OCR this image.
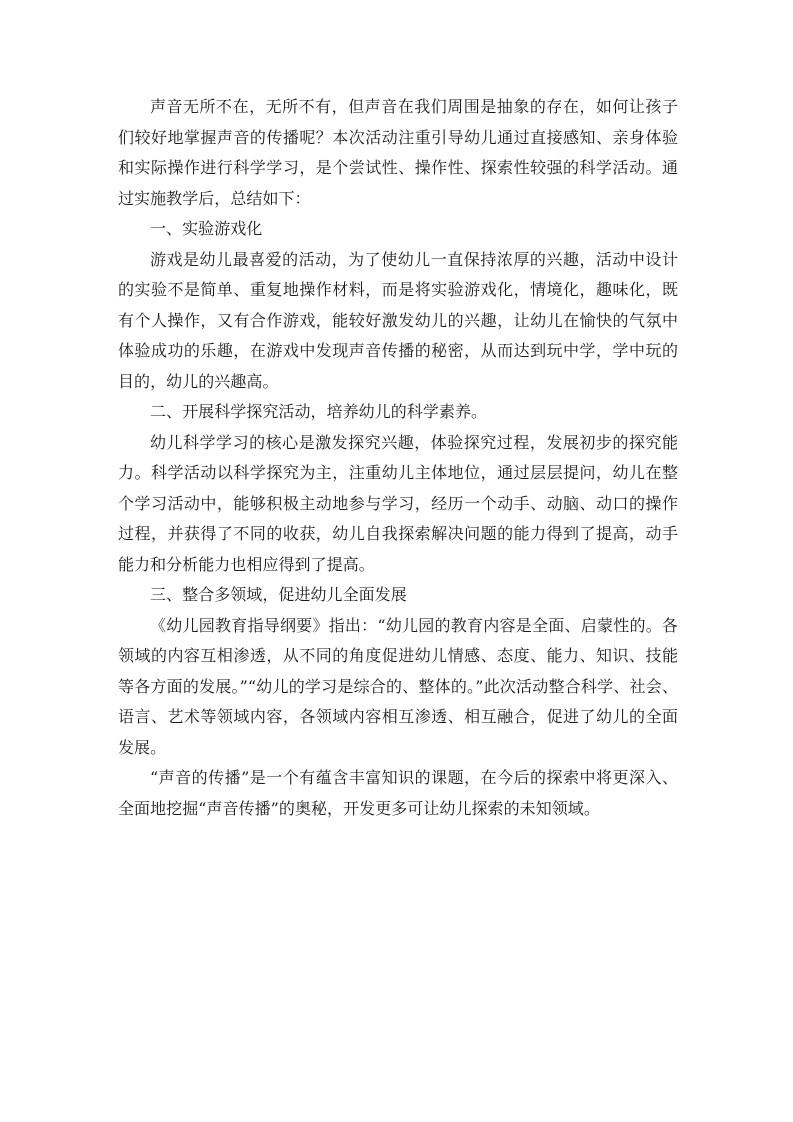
声音无所不在，无所不有，但声音在我们周围是抽象的存在，如何让孩子们较好地掌握声音的传播呢？本次活动注重引导幼儿通过直接感知、亲身体验和实际操作进行科学学习，是个尝试性、操作性、探索性较强的科学活动。通过实施教学后，总结如下：

一、实验游戏化

游戏是幼儿最喜爱的活动，为了使幼儿一直保持浓厚的兴趣，活动中设计的实验不是简单、重复地操作材料，而是将实验游戏化，情境化，趣味化，既有个人操作，又有合作游戏，能较好激发幼儿的兴趣，让幼儿在愉快的气氛中体验成功的乐趣，在游戏中发现声音传播的秘密，从而达到玩中学，学中玩的目的，幼儿的兴趣高。

二、开展科学探究活动，培养幼儿的科学素养。

幼儿科学学习的核心是激发探究兴趣，体验探究过程，发展初步的探究能力。科学活动以科学探究为主，注重幼儿主体地位，通过层层提问，幼儿在整个学习活动中，能够积极主动地参与学习，经历一个动手、动脑、动口的操作过程，并获得了不同的收获，幼儿自我探索解决问题的能力得到了提高，动手能力和分析能力也相应得到了提高。

三、整合多领域，促进幼儿全面发展

《幼儿园教育指导纲要》指出：“幼儿园的教育内容是全面、启蒙性的。各领域的内容互相渗透，从不同的角度促进幼儿情感、态度、能力、知识、技能等各方面的发展。”“幼儿的学习是综合的、整体的。”此次活动整合科学、社会、语言、艺术等领域内容，各领域内容相互渗透、相互融合，促进了幼儿的全面发展。

“声音的传播”是一个有蕴含丰富知识的课题，在今后的探索中将更深入、全面地挖掘“声音传播”的奥秘，开发更多可让幼儿探索的未知领域。
